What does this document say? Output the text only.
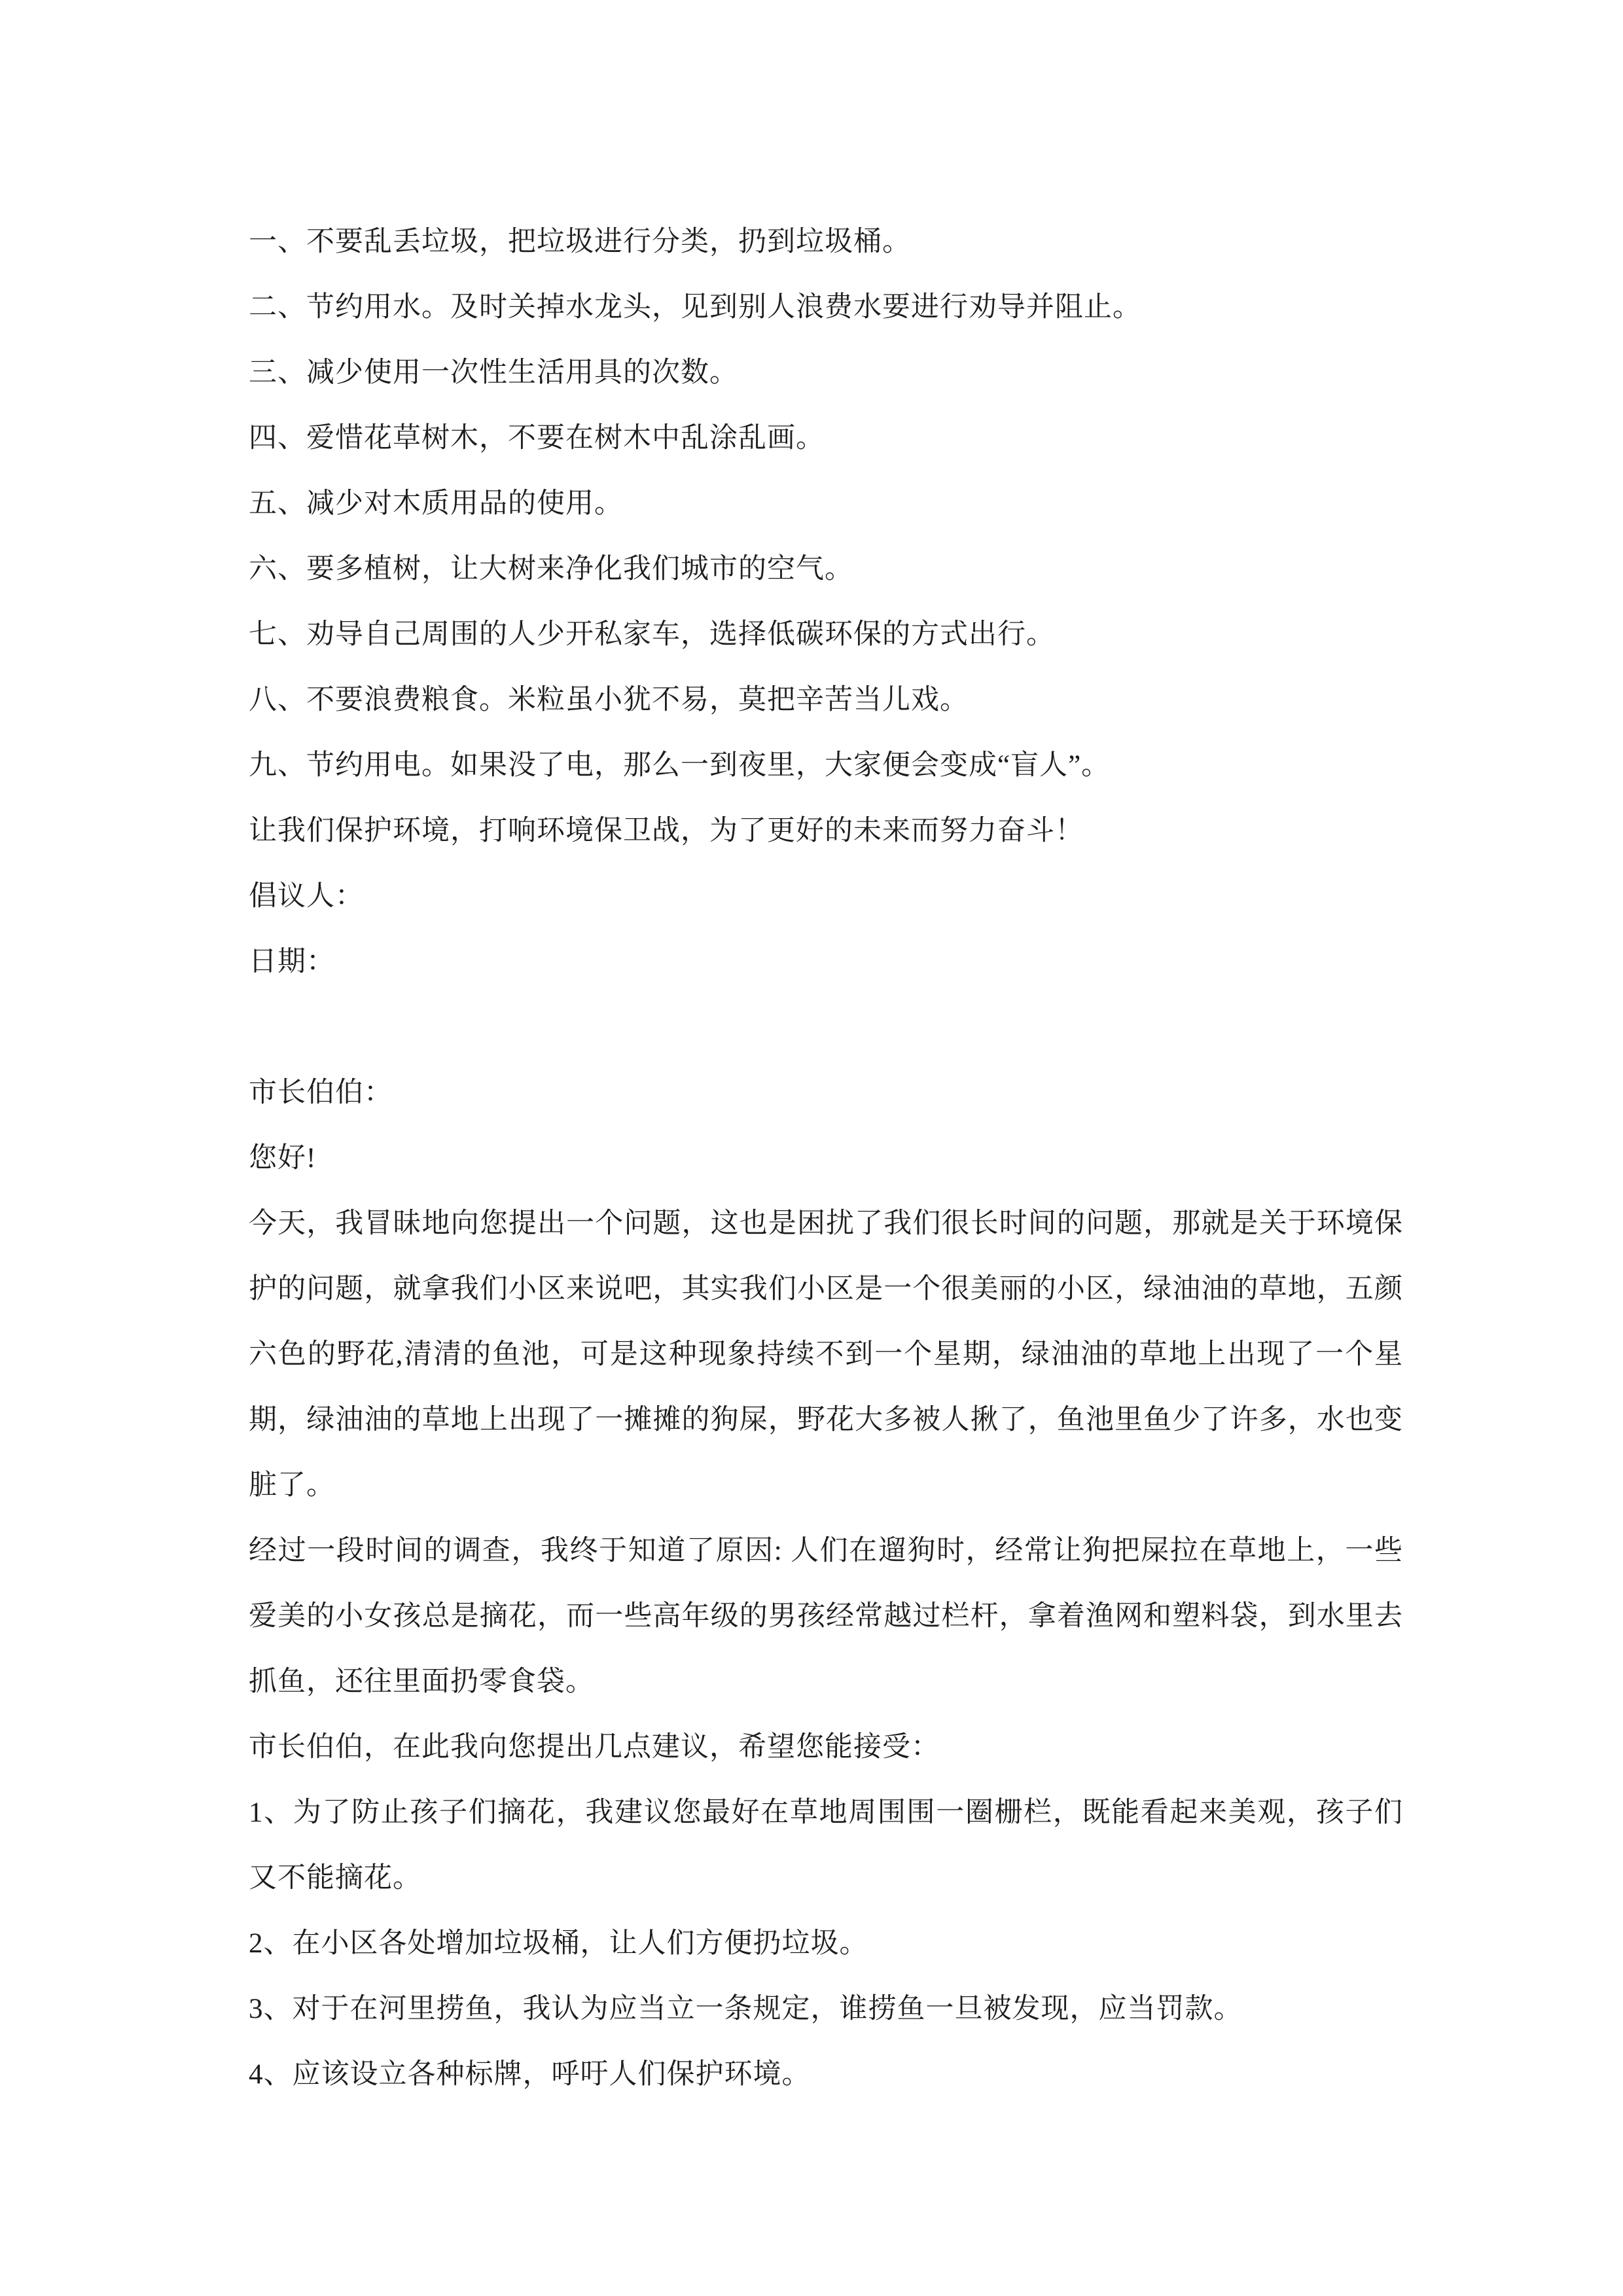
一、不要乱丢垃圾，把垃圾进行分类，扔到垃圾桶。

二、节约用水。及时关掉水龙头，见到别人浪费水要进行劝导并阻止。

三、减少使用一次性生活用具的次数。

四、爱惜花草树木，不要在树木中乱涂乱画。

五、减少对木质用品的使用。

六、要多植树，让大树来净化我们城市的空气。

七、劝导自己周围的人少开私家车，选择低碳环保的方式出行。

八、不要浪费粮食。米粒虽小犹不易，莫把辛苦当儿戏。

九、节约用电。如果没了电，那么一到夜里，大家便会变成“盲人”。

让我们保护环境，打响环境保卫战，为了更好的未来而努力奋斗！

倡议人：

日期：

市长伯伯：

您好!

今天，我冒昧地向您提出一个问题，这也是困扰了我们很长时间的问题，那就是关于环境保护的问题，就拿我们小区来说吧，其实我们小区是一个很美丽的小区，绿油油的草地，五颜六色的野花,清清的鱼池，可是这种现象持续不到一个星期，绿油油的草地上出现了一个星期，绿油油的草地上出现了一摊摊的狗屎，野花大多被人揪了，鱼池里鱼少了许多，水也变脏了。

经过一段时间的调查，我终于知道了原因: 人们在遛狗时，经常让狗把屎拉在草地上，一些爱美的小女孩总是摘花，而一些高年级的男孩经常越过栏杆，拿着渔网和塑料袋，到水里去抓鱼，还往里面扔零食袋。

市长伯伯，在此我向您提出几点建议，希望您能接受：

1、为了防止孩子们摘花，我建议您最好在草地周围围一圈栅栏，既能看起来美观，孩子们又不能摘花。

2、在小区各处增加垃圾桶，让人们方便扔垃圾。

3、对于在河里捞鱼，我认为应当立一条规定，谁捞鱼一旦被发现，应当罚款。

4、应该设立各种标牌，呼吁人们保护环境。
